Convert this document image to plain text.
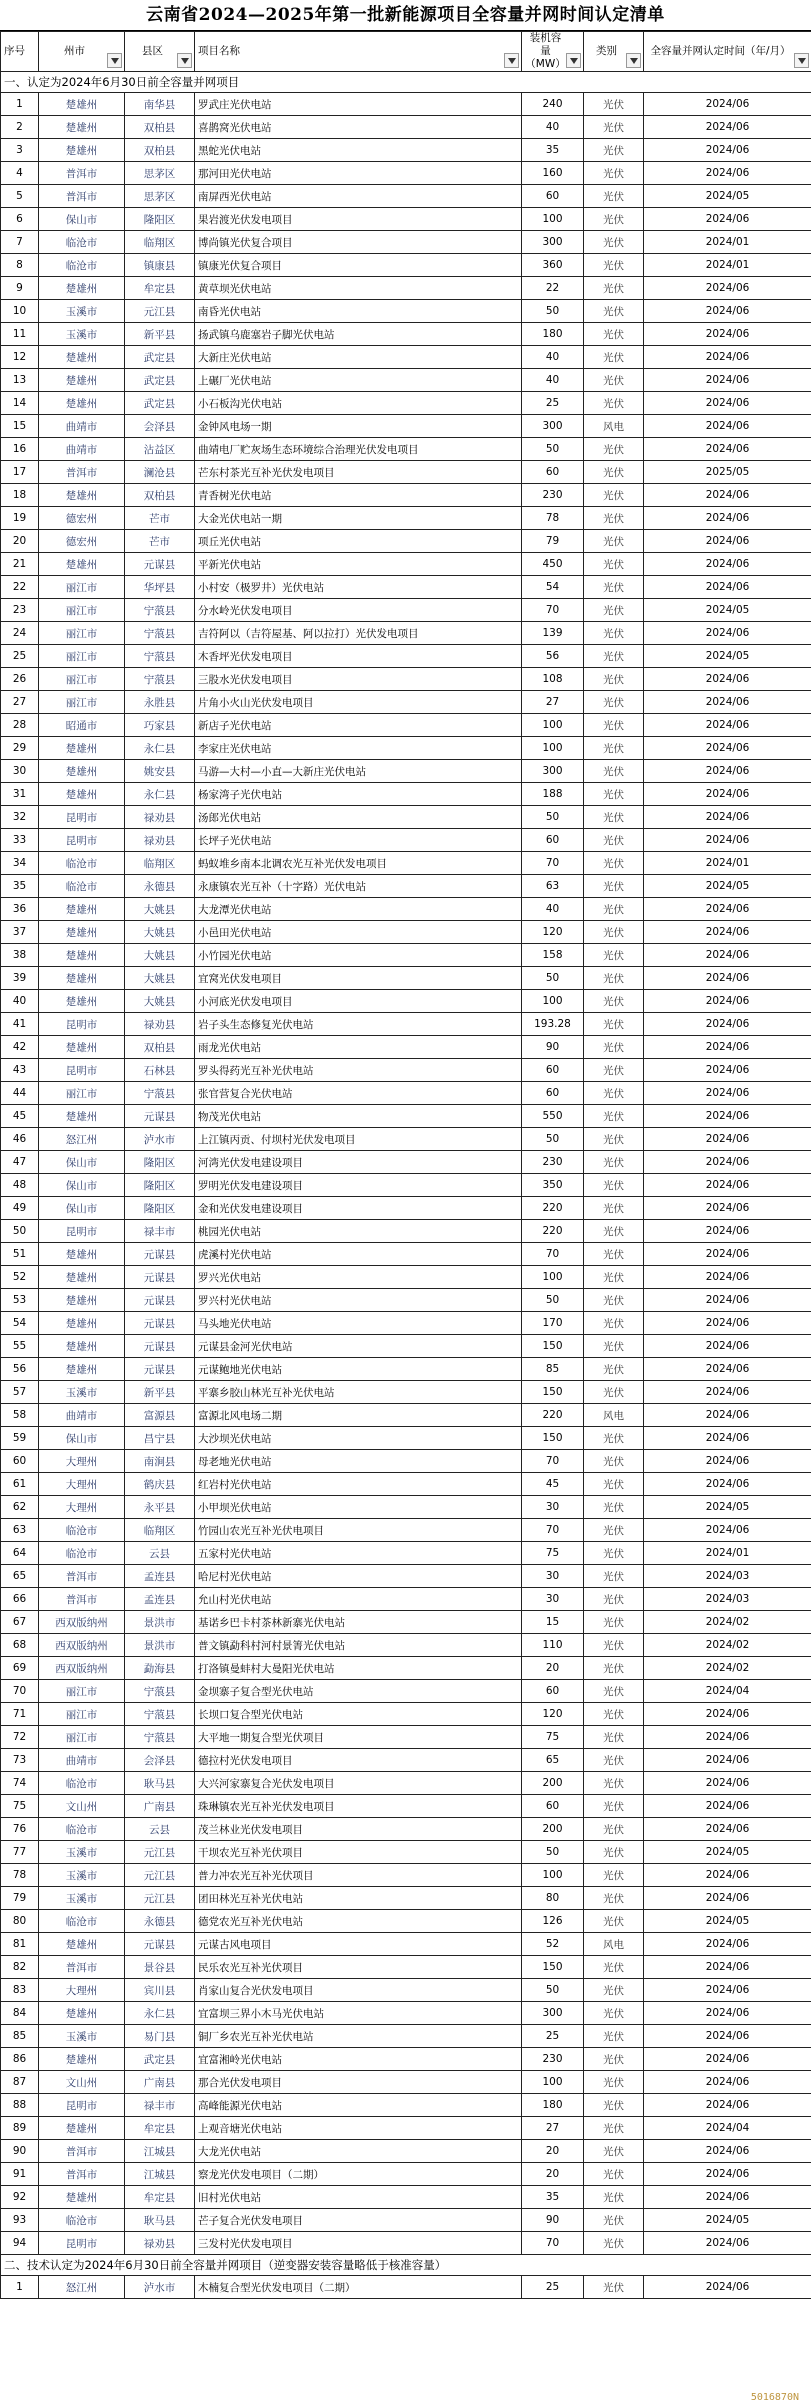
云南省2024—2025年第一批新能源项目全容量并网时间认定清单
序号	州市	县区	项目名称	装机容量（MW）	类别	全容量并网认定时间（年/月）

一、认定为2024年6月30日前全容量并网项目						
1	楚雄州	南华县	罗武庄光伏电站	240	光伏	2024/06
2	楚雄州	双柏县	喜鹊窝光伏电站	40	光伏	2024/06
3	楚雄州	双柏县	黑蛇光伏电站	35	光伏	2024/06
4	普洱市	思茅区	那河田光伏电站	160	光伏	2024/06
5	普洱市	思茅区	南屏西光伏电站	60	光伏	2024/05
6	保山市	隆阳区	果岩渡光伏发电项目	100	光伏	2024/06
7	临沧市	临翔区	博尚镇光伏复合项目	300	光伏	2024/01
8	临沧市	镇康县	镇康光伏复合项目	360	光伏	2024/01
9	楚雄州	牟定县	黄草坝光伏电站	22	光伏	2024/06
10	玉溪市	元江县	南昏光伏电站	50	光伏	2024/06
11	玉溪市	新平县	扬武镇乌鹿塞岩子脚光伏电站	180	光伏	2024/06
12	楚雄州	武定县	大新庄光伏电站	40	光伏	2024/06
13	楚雄州	武定县	上碾厂光伏电站	40	光伏	2024/06
14	楚雄州	武定县	小石板沟光伏电站	25	光伏	2024/06
15	曲靖市	会泽县	金钟风电场一期	300	风电	2024/06
16	曲靖市	沾益区	曲靖电厂贮灰场生态环境综合治理光伏发电项目	50	光伏	2024/06
17	普洱市	澜沧县	芒东村茶光互补光伏发电项目	60	光伏	2025/05
18	楚雄州	双柏县	青香树光伏电站	230	光伏	2024/06
19	德宏州	芒市	大金光伏电站一期	78	光伏	2024/06
20	德宏州	芒市	项丘光伏电站	79	光伏	2024/06
21	楚雄州	元谋县	平新光伏电站	450	光伏	2024/06
22	丽江市	华坪县	小村安（极罗井）光伏电站	54	光伏	2024/06
23	丽江市	宁蒗县	分水岭光伏发电项目	70	光伏	2024/05
24	丽江市	宁蒗县	吉符阿以（吉符屋基、阿以拉打）光伏发电项目	139	光伏	2024/06
25	丽江市	宁蒗县	木香坪光伏发电项目	56	光伏	2024/05
26	丽江市	宁蒗县	三股水光伏发电项目	108	光伏	2024/06
27	丽江市	永胜县	片角小火山光伏发电项目	27	光伏	2024/06
28	昭通市	巧家县	新店子光伏电站	100	光伏	2024/06
29	楚雄州	永仁县	李家庄光伏电站	100	光伏	2024/06
30	楚雄州	姚安县	马游—大村—小直—大新庄光伏电站	300	光伏	2024/06
31	楚雄州	永仁县	杨家湾子光伏电站	188	光伏	2024/06
32	昆明市	禄劝县	汤郎光伏电站	50	光伏	2024/06
33	昆明市	禄劝县	长坪子光伏电站	60	光伏	2024/06
34	临沧市	临翔区	蚂蚁堆乡南本北调农光互补光伏发电项目	70	光伏	2024/01
35	临沧市	永德县	永康镇农光互补（十字路）光伏电站	63	光伏	2024/05
36	楚雄州	大姚县	大龙潭光伏电站	40	光伏	2024/06
37	楚雄州	大姚县	小邑田光伏电站	120	光伏	2024/06
38	楚雄州	大姚县	小竹园光伏电站	158	光伏	2024/06
39	楚雄州	大姚县	宜窝光伏发电项目	50	光伏	2024/06
40	楚雄州	大姚县	小河底光伏发电项目	100	光伏	2024/06
41	昆明市	禄劝县	岩子头生态修复光伏电站	193.28	光伏	2024/06
42	楚雄州	双柏县	雨龙光伏电站	90	光伏	2024/06
43	昆明市	石林县	罗头得药光互补光伏电站	60	光伏	2024/06
44	丽江市	宁蒗县	张官营复合光伏电站	60	光伏	2024/06
45	楚雄州	元谋县	物茂光伏电站	550	光伏	2024/06
46	怒江州	泸水市	上江镇丙贡、付坝村光伏发电项目	50	光伏	2024/06
47	保山市	隆阳区	河湾光伏发电建设项目	230	光伏	2024/06
48	保山市	隆阳区	罗明光伏发电建设项目	350	光伏	2024/06
49	保山市	隆阳区	金和光伏发电建设项目	220	光伏	2024/06
50	昆明市	禄丰市	桃园光伏电站	220	光伏	2024/06
51	楚雄州	元谋县	虎溪村光伏电站	70	光伏	2024/06
52	楚雄州	元谋县	罗兴光伏电站	100	光伏	2024/06
53	楚雄州	元谋县	罗兴村光伏电站	50	光伏	2024/06
54	楚雄州	元谋县	马头地光伏电站	170	光伏	2024/06
55	楚雄州	元谋县	元谋县金河光伏电站	150	光伏	2024/06
56	楚雄州	元谋县	元谋鲍地光伏电站	85	光伏	2024/06
57	玉溪市	新平县	平寨乡胶山林光互补光伏电站	150	光伏	2024/06
58	曲靖市	富源县	富源北风电场二期	220	风电	2024/06
59	保山市	昌宁县	大沙坝光伏电站	150	光伏	2024/06
60	大理州	南涧县	母老地光伏电站	70	光伏	2024/06
61	大理州	鹤庆县	红岩村光伏电站	45	光伏	2024/06
62	大理州	永平县	小甲坝光伏电站	30	光伏	2024/05
63	临沧市	临翔区	竹园山农光互补光伏电项目	70	光伏	2024/06
64	临沧市	云县	五家村光伏电站	75	光伏	2024/01
65	普洱市	孟连县	哈尼村光伏电站	30	光伏	2024/03
66	普洱市	孟连县	允山村光伏电站	30	光伏	2024/03
67	西双版纳州	景洪市	基诺乡巴卡村茶林新寨光伏电站	15	光伏	2024/02
68	西双版纳州	景洪市	普文镇勐科村河村景箐光伏电站	110	光伏	2024/02
69	西双版纳州	勐海县	打洛镇曼蚌村大曼阳光伏电站	20	光伏	2024/02
70	丽江市	宁蒗县	金坝寨子复合型光伏电站	60	光伏	2024/04
71	丽江市	宁蒗县	长坝口复合型光伏电站	120	光伏	2024/06
72	丽江市	宁蒗县	大平地一期复合型光伏项目	75	光伏	2024/06
73	曲靖市	会泽县	德拉村光伏发电项目	65	光伏	2024/06
74	临沧市	耿马县	大兴河家寨复合光伏发电项目	200	光伏	2024/06
75	文山州	广南县	珠琳镇农光互补光伏发电项目	60	光伏	2024/06
76	临沧市	云县	茂兰林业光伏发电项目	200	光伏	2024/06
77	玉溪市	元江县	干坝农光互补光伏项目	50	光伏	2024/05
78	玉溪市	元江县	普力冲农光互补光伏项目	100	光伏	2024/06
79	玉溪市	元江县	团田林光互补光伏电站	80	光伏	2024/06
80	临沧市	永德县	德党农光互补光伏电站	126	光伏	2024/05
81	楚雄州	元谋县	元谋古风电项目	52	风电	2024/06
82	普洱市	景谷县	民乐农光互补光伏项目	150	光伏	2024/06
83	大理州	宾川县	肖家山复合光伏发电项目	50	光伏	2024/06
84	楚雄州	永仁县	宜富坝三界小木马光伏电站	300	光伏	2024/06
85	玉溪市	易门县	铜厂乡农光互补光伏电站	25	光伏	2024/06
86	楚雄州	武定县	宜富湘岭光伏电站	230	光伏	2024/06
87	文山州	广南县	那合光伏发电项目	100	光伏	2024/06
88	昆明市	禄丰市	高峰能源光伏电站	180	光伏	2024/06
89	楚雄州	牟定县	上观音塘光伏电站	27	光伏	2024/04
90	普洱市	江城县	大龙光伏电站	20	光伏	2024/06
91	普洱市	江城县	察龙光伏发电项目（二期）	20	光伏	2024/06
92	楚雄州	牟定县	旧村光伏电站	35	光伏	2024/06
93	临沧市	耿马县	芒子复合光伏发电项目	90	光伏	2024/05
94	昆明市	禄劝县	三发村光伏发电项目	70	光伏	2024/06
二、技术认定为2024年6月30日前全容量并网项目（逆变器安装容量略低于核准容量）						
1	怒江州	泸水市	木楠复合型光伏发电项目（二期）	25	光伏	2024/06
5016870N
